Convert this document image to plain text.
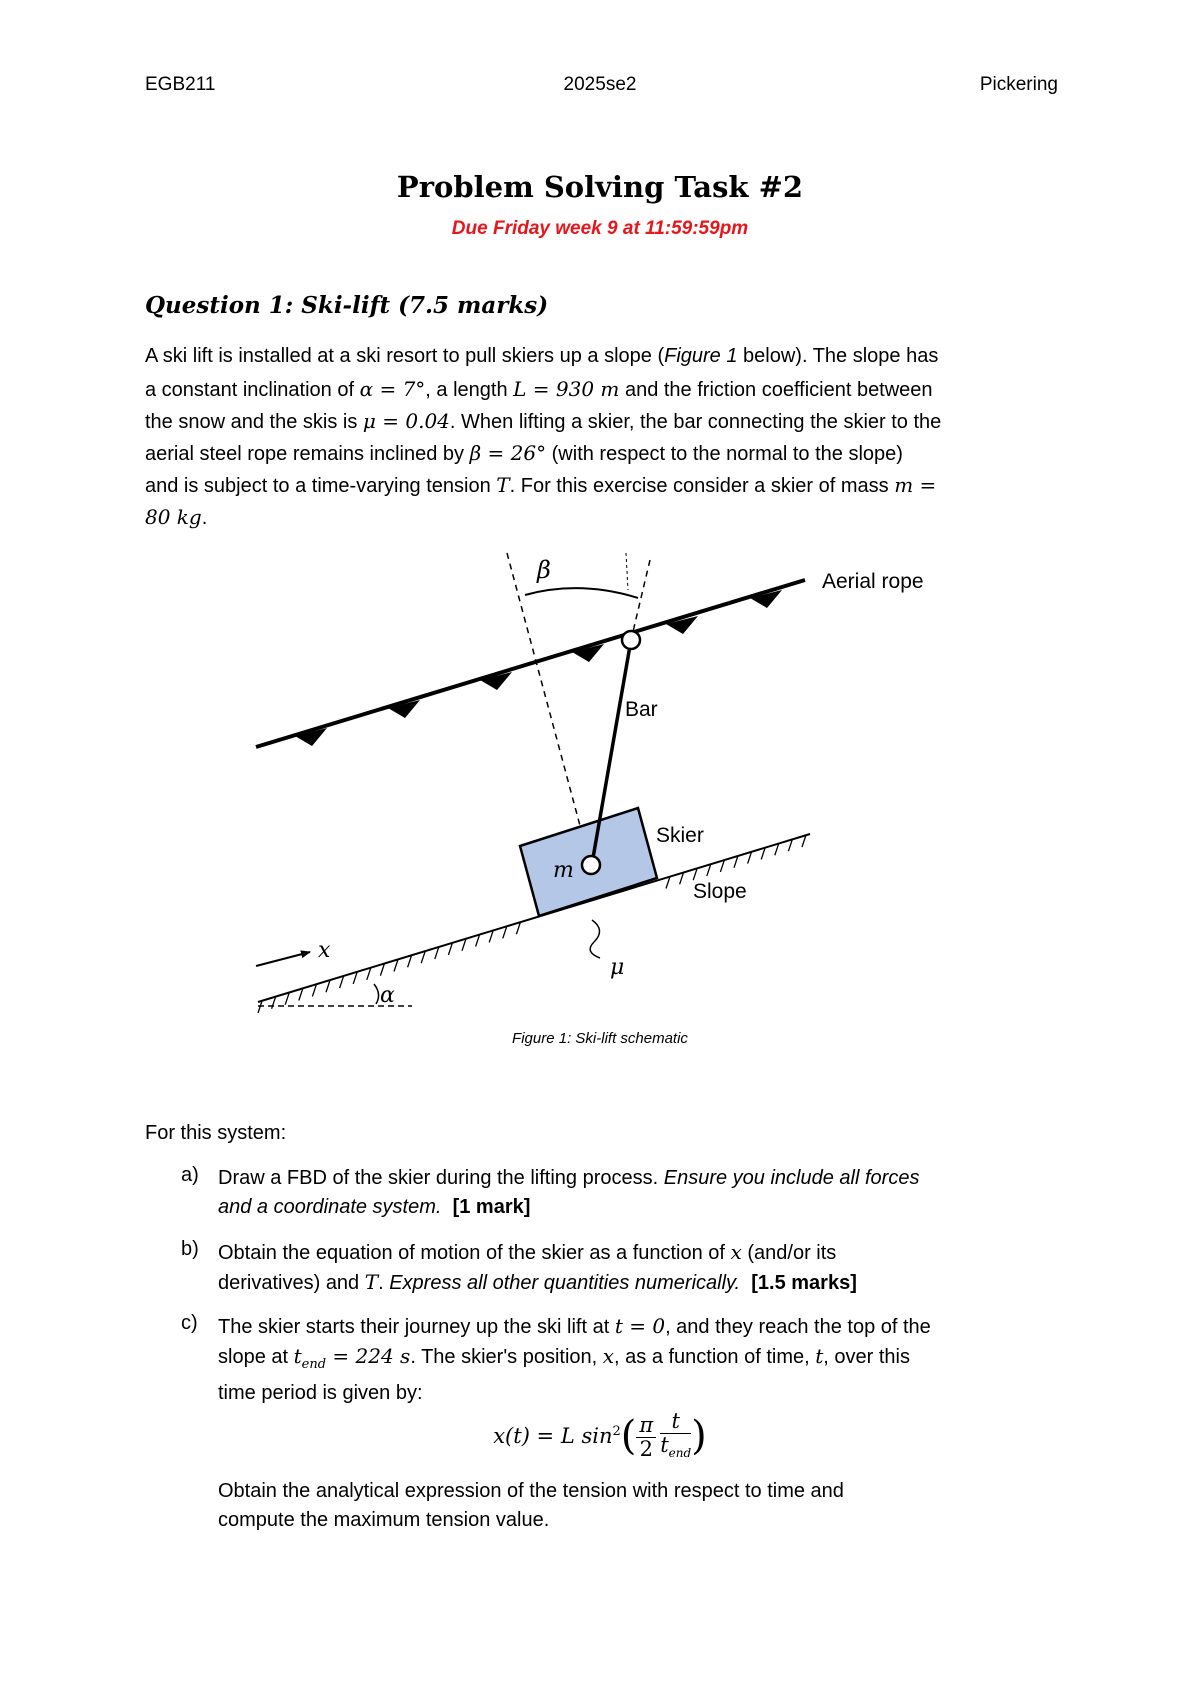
EGB211	2025se2	Pickering
Problem Solving Task #2
Due Friday week 9 at 11:59:59pm
Question 1: Ski-lift (7.5 marks)
A ski lift is installed at a ski resort to pull skiers up a slope (Figure 1 below). The slope has
a constant inclination of α = 7°, a length L = 930 m and the friction coefficient between
the snow and the skis is μ = 0.04. When lifting a skier, the bar connecting the skier to the
aerial steel rope remains inclined by β = 26° (with respect to the normal to the slope)
and is subject to a time-varying tension T. For this exercise consider a skier of mass m =
80 kg.
β	Aerial rope
α
x
m
Skier
Slope
Bar
μ
Figure 1: Ski-lift schematic
For this system:
a) Draw a FBD of the skier during the lifting process. Ensure you include all forces
and a coordinate system. [1 mark]
b) Obtain the equation of motion of the skier as a function of x (and/or its
derivatives) and T. Express all other quantities numerically. [1.5 marks]
c) The skier starts their journey up the ski lift at t = 0, and they reach the top of the
slope at $t_{end} = 224$ s. The skier's position, x, as a function of time, t, over this
time period is given by:
x(t) = L $\sin^2( \frac{\pi}{2}$ t
$t_{end}$ )
Obtain the analytical expression of the tension with respect to time and
compute the maximum tension value.
